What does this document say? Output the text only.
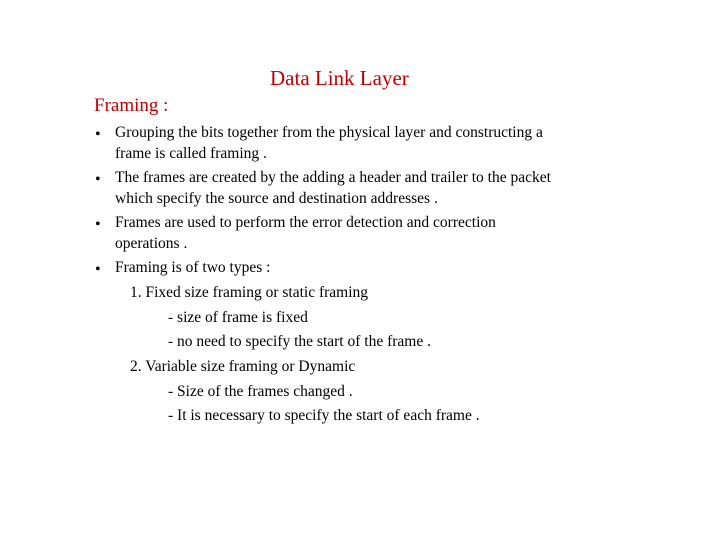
Data Link Layer
Framing :
• Grouping the bits together from the physical layer and constructing a
frame is called framing .
• The frames are created by the adding a header and trailer to the packet
which specify the source and destination addresses .
• Frames are used to perform the error detection and correction
operations .
• Framing is of two types :
1. Fixed size framing or static framing
- size of frame is fixed
- no need to specify the start of the frame .
2. Variable size framing or Dynamic
- Size of the frames changed .
- It is necessary to specify the start of each frame .
